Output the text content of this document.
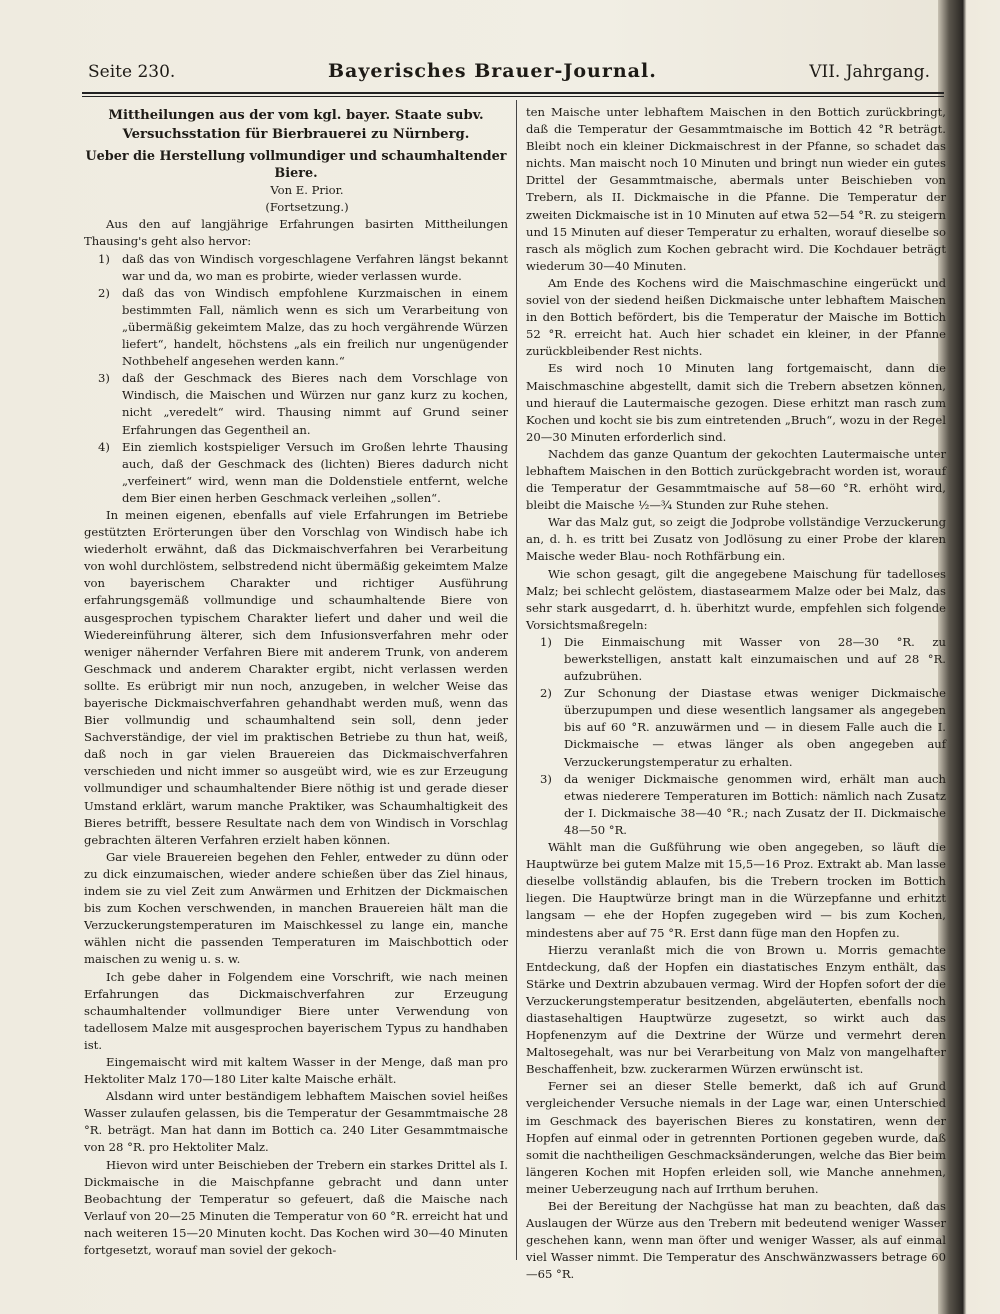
Seite 230.	Bayerisches Brauer-Journal.	VII. Jahrgang.
Mittheilungen aus der vom kgl. bayer. Staate subv. Versuchsstation für Bierbrauerei zu Nürnberg.
Ueber die Herstellung vollmundiger und schaumhaltender Biere.

Von E. Prior.

(Fortsetzung.)

Aus den auf langjährige Erfahrungen basirten Mittheilungen Thausing's geht also hervor:

1) daß das von Windisch vorgeschlagene Verfahren längst bekannt war und da, wo man es probirte, wieder verlassen wurde.
2) daß das von Windisch empfohlene Kurzmaischen in einem bestimmten Fall, nämlich wenn es sich um Verarbeitung von „übermäßig gekeimtem Malze, das zu hoch vergährende Würzen liefert“, handelt, höchstens „als ein freilich nur ungenügender Nothbehelf angesehen werden kann.“
3) daß der Geschmack des Bieres nach dem Vorschlage von Windisch, die Maischen und Würzen nur ganz kurz zu kochen, nicht „veredelt“ wird. Thausing nimmt auf Grund seiner Erfahrungen das Gegentheil an.
4) Ein ziemlich kostspieliger Versuch im Großen lehrte Thausing auch, daß der Geschmack des (lichten) Bieres dadurch nicht „verfeinert“ wird, wenn man die Doldenstiele entfernt, welche dem Bier einen herben Geschmack verleihen „sollen“.

In meinen eigenen, ebenfalls auf viele Erfahrungen im Betriebe gestützten Erörterungen über den Vorschlag von Windisch habe ich wiederholt erwähnt, daß das Dickmaischverfahren bei Verarbeitung von wohl durchlöstem, selbstredend nicht übermäßig gekeimtem Malze von bayerischem Charakter und richtiger Ausführung erfahrungsgemäß vollmundige und schaumhaltende Biere von ausgesprochen typischem Charakter liefert und daher und weil die Wiedereinführung älterer, sich dem Infusionsverfahren mehr oder weniger nähernder Verfahren Biere mit anderem Trunk, von anderem Geschmack und anderem Charakter ergibt, nicht verlassen werden sollte. Es erübrigt mir nun noch, anzugeben, in welcher Weise das bayerische Dickmaischverfahren gehandhabt werden muß, wenn das Bier vollmundig und schaumhaltend sein soll, denn jeder Sachverständige, der viel im praktischen Betriebe zu thun hat, weiß, daß noch in gar vielen Brauereien das Dickmaischverfahren verschieden und nicht immer so ausgeübt wird, wie es zur Erzeugung vollmundiger und schaumhaltender Biere nöthig ist und gerade dieser Umstand erklärt, warum manche Praktiker, was Schaumhaltigkeit des Bieres betrifft, bessere Resultate nach dem von Windisch in Vorschlag gebrachten älteren Verfahren erzielt haben können.

Gar viele Brauereien begehen den Fehler, entweder zu dünn oder zu dick einzumaischen, wieder andere schießen über das Ziel hinaus, indem sie zu viel Zeit zum Anwärmen und Erhitzen der Dickmaischen bis zum Kochen verschwenden, in manchen Brauereien hält man die Verzuckerungstemperaturen im Maischkessel zu lange ein, manche wählen nicht die passenden Temperaturen im Maischbottich oder maischen zu wenig u. s. w.

Ich gebe daher in Folgendem eine Vorschrift, wie nach meinen Erfahrungen das Dickmaischverfahren zur Erzeugung schaumhaltender vollmundiger Biere unter Verwendung von tadellosem Malze mit ausgesprochen bayerischem Typus zu handhaben ist.

Eingemaischt wird mit kaltem Wasser in der Menge, daß man pro Hektoliter Malz 170—180 Liter kalte Maische erhält.

Alsdann wird unter beständigem lebhaftem Maischen soviel heißes Wasser zulaufen gelassen, bis die Temperatur der Gesammtmaische 28 °R. beträgt. Man hat dann im Bottich ca. 240 Liter Gesammtmaische von 28 °R. pro Hektoliter Malz.

Hievon wird unter Beischieben der Trebern ein starkes Drittel als I. Dickmaische in die Maischpfanne gebracht und dann unter Beobachtung der Temperatur so gefeuert, daß die Maische nach Verlauf von 20—25 Minuten die Temperatur von 60 °R. erreicht hat und nach weiteren 15—20 Minuten kocht. Das Kochen wird 30—40 Minuten fortgesetzt, worauf man soviel der gekoch-

ten Maische unter lebhaftem Maischen in den Bottich zurückbringt, daß die Temperatur der Gesammtmaische im Bottich 42 °R beträgt. Bleibt noch ein kleiner Dickmaischrest in der Pfanne, so schadet das nichts. Man maischt noch 10 Minuten und bringt nun wieder ein gutes Drittel der Gesammtmaische, abermals unter Beischieben von Trebern, als II. Dickmaische in die Pfanne. Die Temperatur der zweiten Dickmaische ist in 10 Minuten auf etwa 52—54 °R. zu steigern und 15 Minuten auf dieser Temperatur zu erhalten, worauf dieselbe so rasch als möglich zum Kochen gebracht wird. Die Kochdauer beträgt wiederum 30—40 Minuten.

Am Ende des Kochens wird die Maischmaschine eingerückt und soviel von der siedend heißen Dickmaische unter lebhaftem Maischen in den Bottich befördert, bis die Temperatur der Maische im Bottich 52 °R. erreicht hat. Auch hier schadet ein kleiner, in der Pfanne zurückbleibender Rest nichts.

Es wird noch 10 Minuten lang fortgemaischt, dann die Maischmaschine abgestellt, damit sich die Trebern absetzen können, und hierauf die Lautermaische gezogen. Diese erhitzt man rasch zum Kochen und kocht sie bis zum eintretenden „Bruch“, wozu in der Regel 20—30 Minuten erforderlich sind.

Nachdem das ganze Quantum der gekochten Lautermaische unter lebhaftem Maischen in den Bottich zurückgebracht worden ist, worauf die Temperatur der Gesammtmaische auf 58—60 °R. erhöht wird, bleibt die Maische ½—¾ Stunden zur Ruhe stehen.

War das Malz gut, so zeigt die Jodprobe vollständige Verzuckerung an, d. h. es tritt bei Zusatz von Jodlösung zu einer Probe der klaren Maische weder Blau- noch Rothfärbung ein.

Wie schon gesagt, gilt die angegebene Maischung für tadelloses Malz; bei schlecht gelöstem, diastasearmem Malze oder bei Malz, das sehr stark ausgedarrt, d. h. überhitzt wurde, empfehlen sich folgende Vorsichtsmaßregeln:

1) Die Einmaischung mit Wasser von 28—30 °R. zu bewerkstelligen, anstatt kalt einzumaischen und auf 28 °R. aufzubrühen.
2) Zur Schonung der Diastase etwas weniger Dickmaische überzupumpen und diese wesentlich langsamer als angegeben bis auf 60 °R. anzuwärmen und — in diesem Falle auch die I. Dickmaische — etwas länger als oben angegeben auf Verzuckerungstemperatur zu erhalten.
3) da weniger Dickmaische genommen wird, erhält man auch etwas niederere Temperaturen im Bottich: nämlich nach Zusatz der I. Dickmaische 38—40 °R.; nach Zusatz der II. Dickmaische 48—50 °R.

Wählt man die Gußführung wie oben angegeben, so läuft die Hauptwürze bei gutem Malze mit 15,5—16 Proz. Extrakt ab. Man lasse dieselbe vollständig ablaufen, bis die Trebern trocken im Bottich liegen. Die Hauptwürze bringt man in die Würzepfanne und erhitzt langsam — ehe der Hopfen zugegeben wird — bis zum Kochen, mindestens aber auf 75 °R. Erst dann füge man den Hopfen zu.

Hierzu veranlaßt mich die von Brown u. Morris gemachte Entdeckung, daß der Hopfen ein diastatisches Enzym enthält, das Stärke und Dextrin abzubauen vermag. Wird der Hopfen sofort der die Verzuckerungstemperatur besitzenden, abgeläuterten, ebenfalls noch diastasehaltigen Hauptwürze zugesetzt, so wirkt auch das Hopfenenzym auf die Dextrine der Würze und vermehrt deren Maltosegehalt, was nur bei Verarbeitung von Malz von mangelhafter Beschaffenheit, bzw. zuckerarmen Würzen erwünscht ist.

Ferner sei an dieser Stelle bemerkt, daß ich auf Grund vergleichender Versuche niemals in der Lage war, einen Unterschied im Geschmack des bayerischen Bieres zu konstatiren, wenn der Hopfen auf einmal oder in getrennten Portionen gegeben wurde, daß somit die nachtheiligen Geschmacksänderungen, welche das Bier beim längeren Kochen mit Hopfen erleiden soll, wie Manche annehmen, meiner Ueberzeugung nach auf Irrthum beruhen.

Bei der Bereitung der Nachgüsse hat man zu beachten, daß das Auslaugen der Würze aus den Trebern mit bedeutend weniger Wasser geschehen kann, wenn man öfter und weniger Wasser, als auf einmal viel Wasser nimmt. Die Temperatur des Anschwänzwassers betrage 60—65 °R.
